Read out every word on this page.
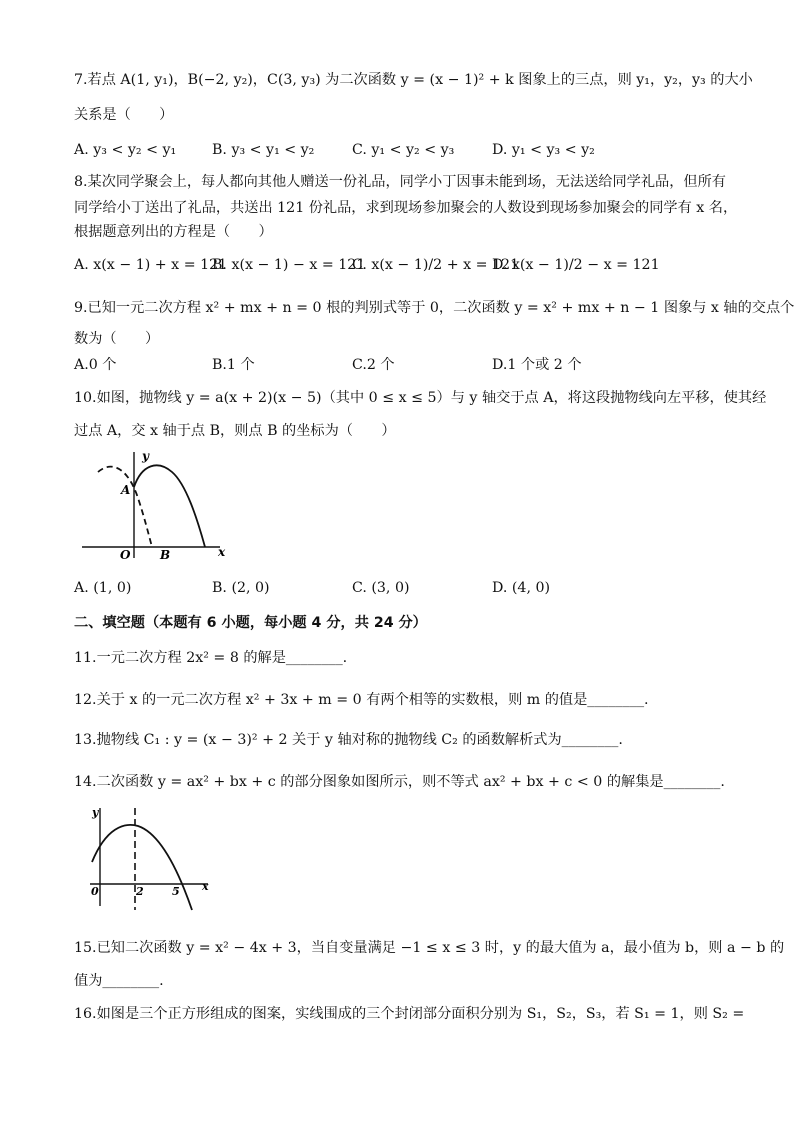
7.若点 A(1, y₁)，B(−2, y₂)，C(3, y₃) 为二次函数 y = (x − 1)² + k 图象上的三点，则 y₁，y₂，y₃ 的大小
关系是（　　）
A. y₃ < y₂ < y₁	B. y₃ < y₁ < y₂	C. y₁ < y₂ < y₃	D. y₁ < y₃ < y₂
8.某次同学聚会上，每人都向其他人赠送一份礼品，同学小丁因事未能到场，无法送给同学礼品，但所有
同学给小丁送出了礼品，共送出 121 份礼品，求到现场参加聚会的人数设到现场参加聚会的同学有 x 名，
根据题意列出的方程是（　　）
A. x(x − 1) + x = 121
B. x(x − 1) − x = 121
C. x(x − 1)/2 + x = 121
D. x(x − 1)/2 − x = 121
9.已知一元二次方程 x² + mx + n = 0 根的判别式等于 0，二次函数 y = x² + mx + n − 1 图象与 x 轴的交点个
数为（　　）
A.0 个	B.1 个	C.2 个	D.1 个或 2 个
10.如图，抛物线 y = a(x + 2)(x − 5)（其中 0 ≤ x ≤ 5）与 y 轴交于点 A，将这段抛物线向左平移，使其经
过点 A，交 x 轴于点 B，则点 B 的坐标为（　　）
y
A
O B	x
A. (1, 0)	B. (2, 0)	C. (3, 0)	D. (4, 0)
二、填空题（本题有 6 小题，每小题 4 分，共 24 分）
11.一元二次方程 2x² = 8 的解是________.
12.关于 x 的一元二次方程 x² + 3x + m = 0 有两个相等的实数根，则 m 的值是________.
13.抛物线 C₁ : y = (x − 3)² + 2 关于 y 轴对称的抛物线 C₂ 的函数解析式为________.
14.二次函数 y = ax² + bx + c 的部分图象如图所示，则不等式 ax² + bx + c < 0 的解集是________.
y
0	2	5 x
15.已知二次函数 y = x² − 4x + 3，当自变量满足 −1 ≤ x ≤ 3 时，y 的最大值为 a，最小值为 b，则 a − b 的
值为________.
16.如图是三个正方形组成的图案，实线围成的三个封闭部分面积分别为 S₁，S₂，S₃，若 S₁ = 1，则 S₂ =
